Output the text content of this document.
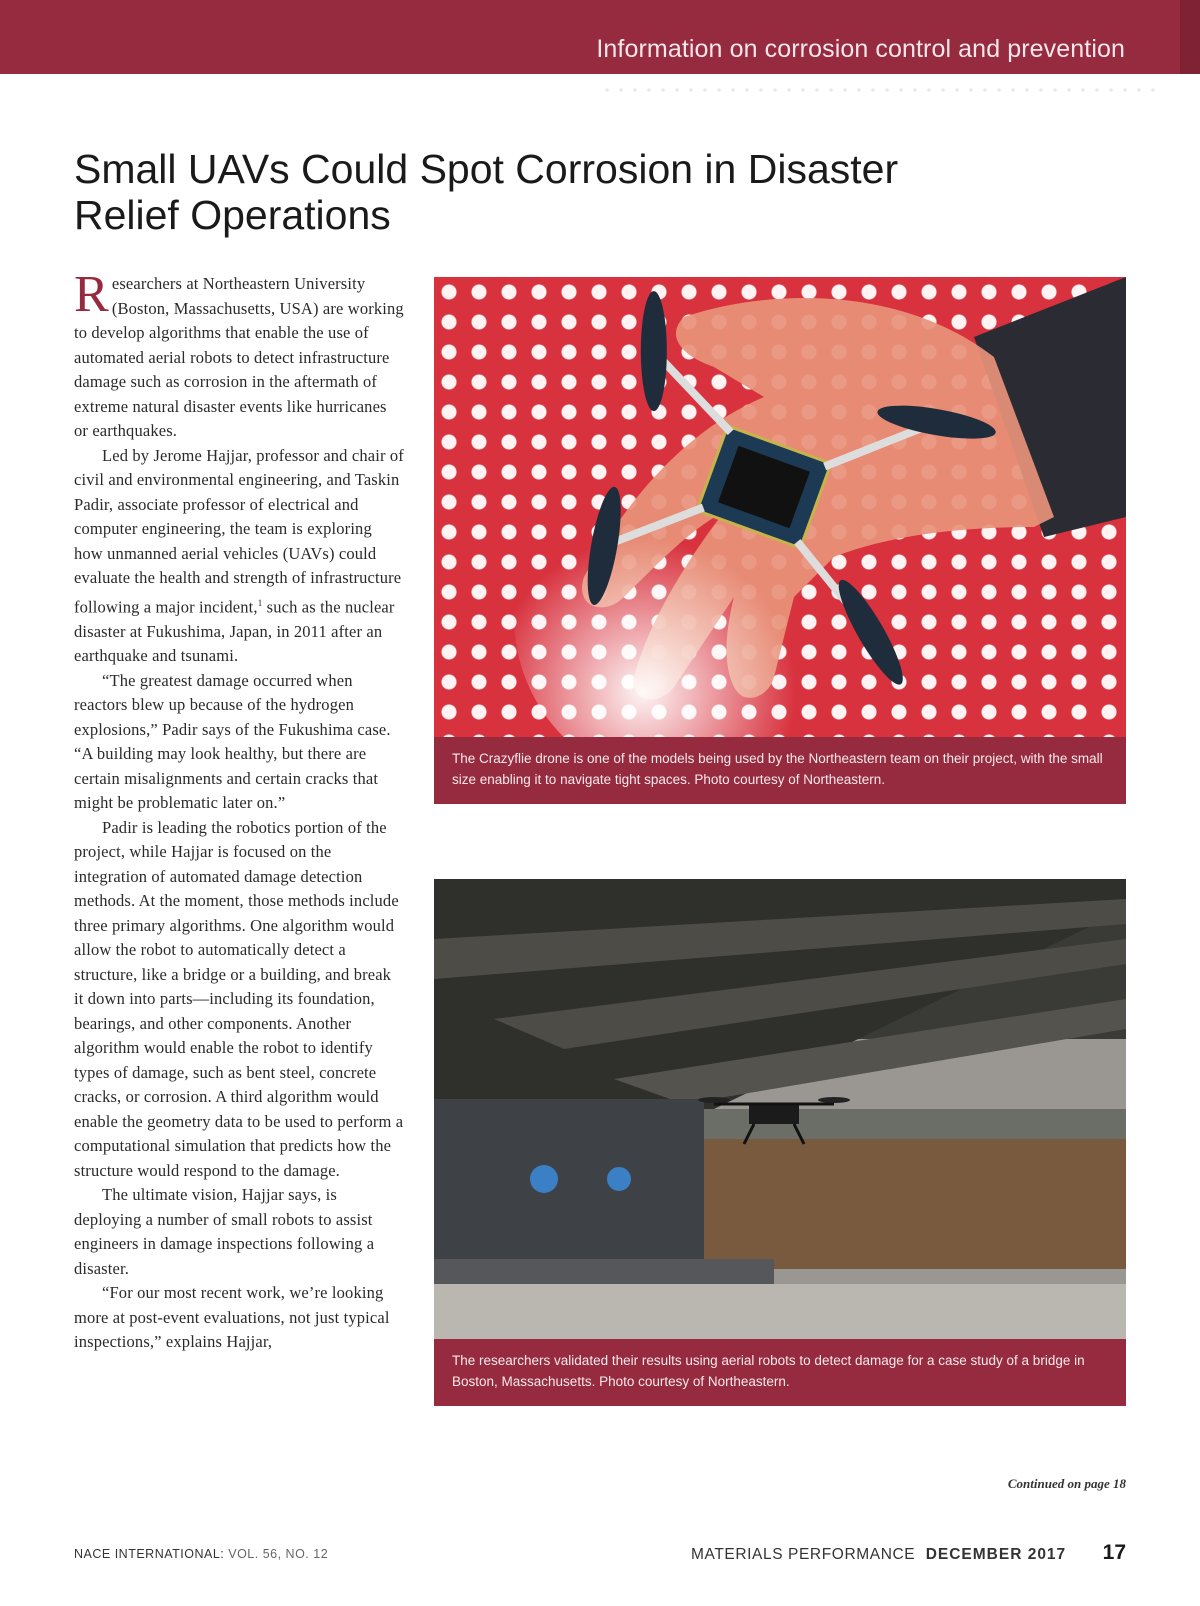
Information on corrosion control and prevention
Small UAVs Could Spot Corrosion in Disaster Relief Operations

Researchers at Northeastern University (Boston, Massachusetts, USA) are working to develop algorithms that enable the use of automated aerial robots to detect infrastructure damage such as corrosion in the aftermath of extreme natural disaster events like hurricanes or earthquakes.

Led by Jerome Hajjar, professor and chair of civil and environmental engineering, and Taskin Padir, associate professor of electrical and computer engineering, the team is exploring how unmanned aerial vehicles (UAVs) could evaluate the health and strength of infrastructure following a major incident,$^1$ such as the nuclear disaster at Fukushima, Japan, in 2011 after an earthquake and tsunami.

“The greatest damage occurred when reactors blew up because of the hydrogen explosions,” Padir says of the Fukushima case. “A building may look healthy, but there are certain misalignments and certain cracks that might be problematic later on.”

Padir is leading the robotics portion of the project, while Hajjar is focused on the integration of automated damage detection methods. At the moment, those methods include three primary algorithms. One algorithm would allow the robot to automatically detect a structure, like a bridge or a building, and break it down into parts—including its foundation, bearings, and other components. Another algorithm would enable the robot to identify types of damage, such as bent steel, concrete cracks, or corrosion. A third algorithm would enable the geometry data to be used to perform a computational simulation that predicts how the structure would respond to the damage.

The ultimate vision, Hajjar says, is deploying a number of small robots to assist engineers in damage inspections following a disaster.

“For our most recent work, we’re looking more at post-event evaluations, not just typical inspections,” explains Hajjar,

The Crazyflie drone is one of the models being used by the Northeastern team on their project, with the small size enabling it to navigate tight spaces. Photo courtesy of Northeastern.
The researchers validated their results using aerial robots to detect damage for a case study of a bridge in Boston, Massachusetts. Photo courtesy of Northeastern.
Continued on page 18
NACE INTERNATIONAL: VOL. 56, NO. 12	MATERIALS PERFORMANCE DECEMBER 2017 17
